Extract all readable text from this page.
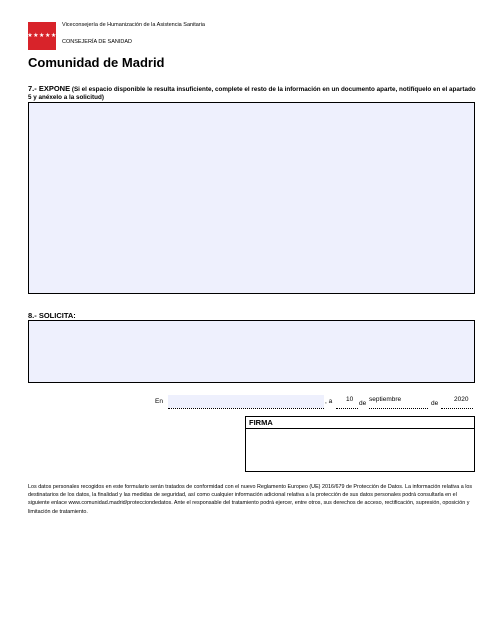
★★★★★★★
Viceconsejería de Humanización de la Asistencia Sanitaria
CONSEJERÍA DE SANIDAD
Comunidad de Madrid
7.- EXPONE (Si el espacio disponible le resulta insuficiente, complete el resto de la información en un documento aparte, notifíquelo en el apartado 5 y anéxelo a la solicitud)
8.- SOLICITA:
En	, a 10
de
septiembre
de
2020
FIRMA
Los datos personales recogidos en este formulario serán tratados de conformidad con el nuevo Reglamento Europeo (UE) 2016/679 de Protección de Datos. La información relativa a los destinatarios de los datos, la finalidad y las medidas de seguridad, así como cualquier información adicional relativa a la protección de sus datos personales podrá consultarla en el siguiente enlace www.comunidad.madrid/protecciondedatos. Ante el responsable del tratamiento podrá ejercer, entre otros, sus derechos de acceso, rectificación, supresión, oposición y limitación de tratamiento.
